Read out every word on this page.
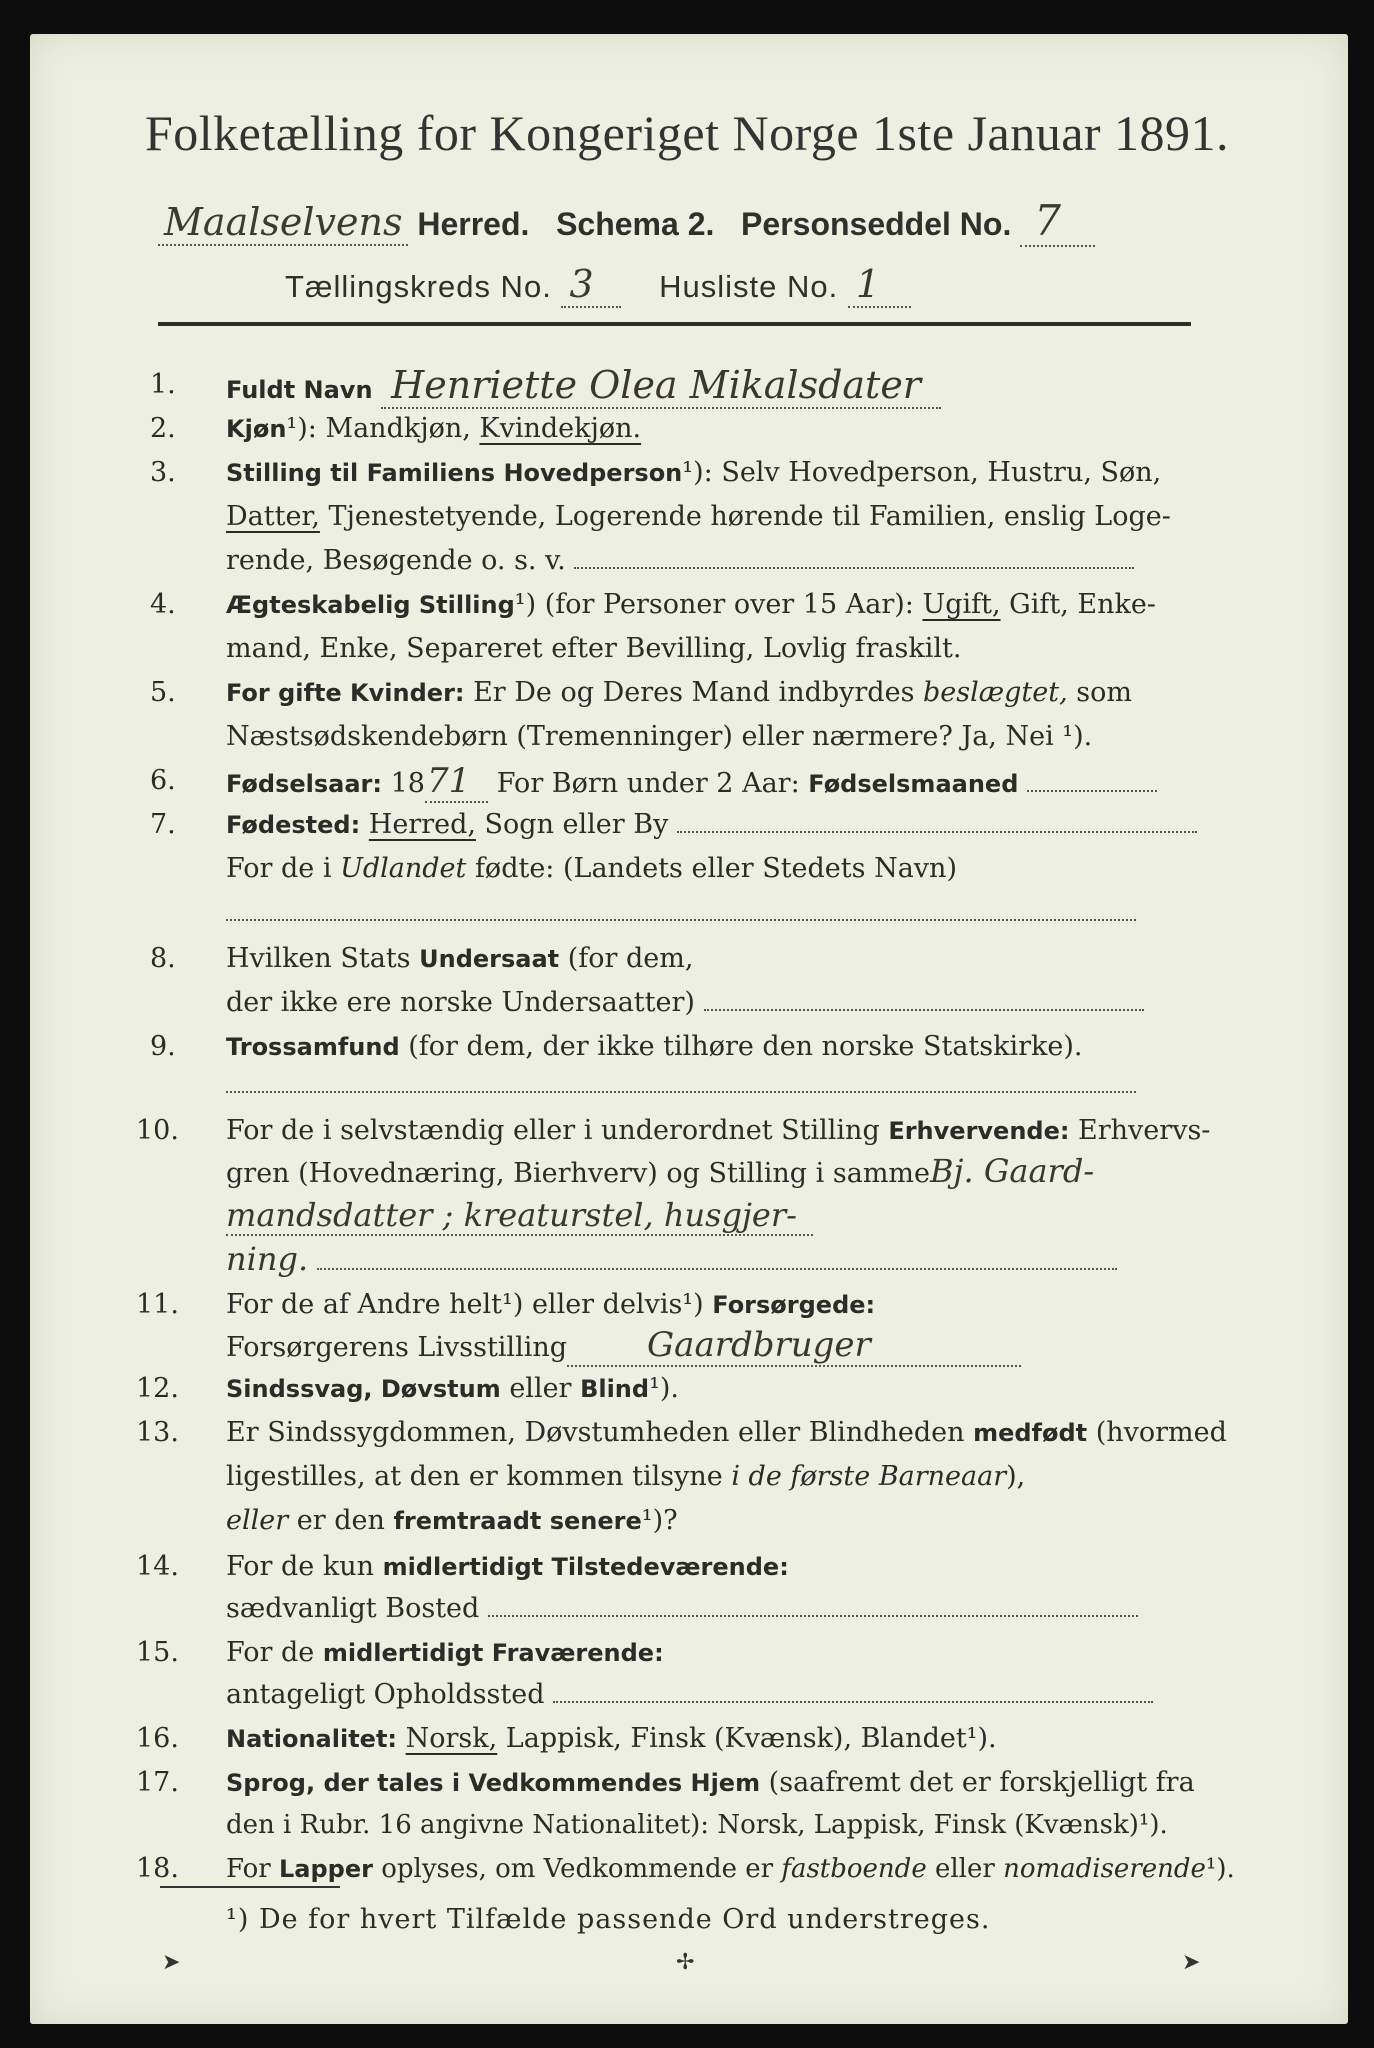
Folketælling for Kongeriget Norge 1ste Januar 1891.
Maalselvens Herred. Schema 2. Personseddel No. 7
Tællingskreds No. 3 Husliste No. 1
1. Fuldt Navn Henriette Olea Mikalsdater
2. Kjøn¹): Mandkjøn, Kvindekjøn.
3. Stilling til Familiens Hovedperson¹): Selv Hovedperson, Hustru, Søn,
Datter, Tjenestetyende, Logerende hørende til Familien, enslig Loge-
rende, Besøgende o. s. v.
4. Ægteskabelig Stilling¹) (for Personer over 15 Aar): Ugift, Gift, Enke-
mand, Enke, Separeret efter Bevilling, Lovlig fraskilt.
5. For gifte Kvinder: Er De og Deres Mand indbyrdes beslægtet, som
Næstsødskendebørn (Tremenninger) eller nærmere? Ja, Nei ¹).
6. Fødselsaar: 1871 For Børn under 2 Aar: Fødselsmaaned
7. Fødested: Herred, Sogn eller By
For de i Udlandet fødte: (Landets eller Stedets Navn)
8. Hvilken Stats Undersaat (for dem,
der ikke ere norske Undersaatter)
9. Trossamfund (for dem, der ikke tilhøre den norske Statskirke).
10. For de i selvstændig eller i underordnet Stilling Erhvervende: Erhvervs-
gren (Hovednæring, Bierhverv) og Stilling i sammeBj. Gaard-
mandsdatter ; kreaturstel, husgjer-
ning.
11. For de af Andre helt¹) eller delvis¹) Forsørgede:
Forsørgerens Livsstilling Gaardbruger
12. Sindssvag, Døvstum eller Blind¹).
13. Er Sindssygdommen, Døvstumheden eller Blindheden medfødt (hvormed
ligestilles, at den er kommen tilsyne i de første Barneaar),
eller er den fremtraadt senere¹)?
14. For de kun midlertidigt Tilstedeværende:
sædvanligt Bosted
15. For de midlertidigt Fraværende:
antageligt Opholdssted
16. Nationalitet: Norsk, Lappisk, Finsk (Kvænsk), Blandet¹).
17. Sprog, der tales i Vedkommendes Hjem (saafremt det er forskjelligt fra
den i Rubr. 16 angivne Nationalitet): Norsk, Lappisk, Finsk (Kvænsk)¹).
18. For Lapper oplyses, om Vedkommende er fastboende eller nomadiserende¹).
¹) De for hvert Tilfælde passende Ord understreges.
➤	✢	➤
